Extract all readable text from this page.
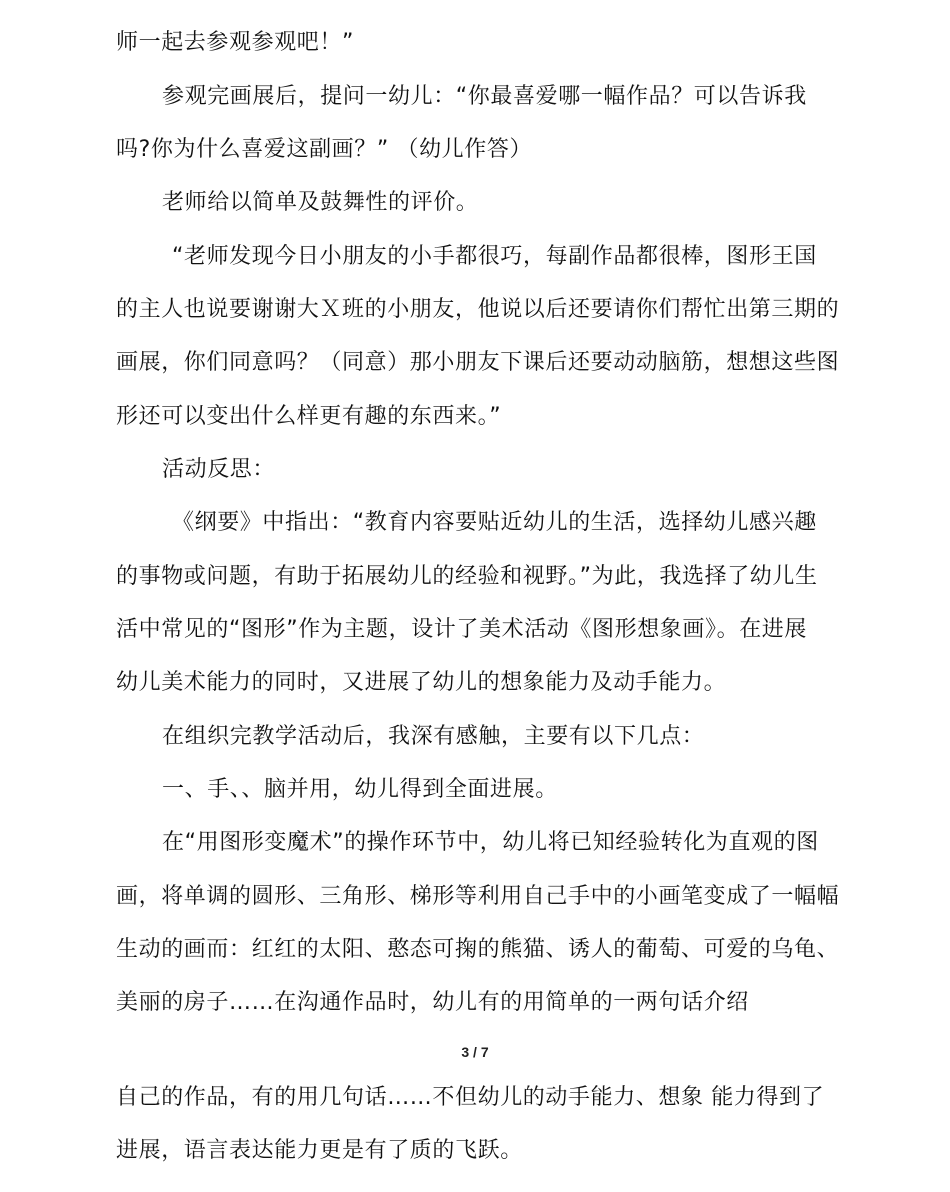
师一起去参观参观吧！”
参观完画展后，提问一幼儿：“你最喜爱哪一幅作品？可以告诉我
吗?你为什么喜爱这副画？” （幼儿作答）
老师给以简单及鼓舞性的评价。
“老师发现今日小朋友的小手都很巧，每副作品都很棒，图形王国
的主人也说要谢谢大Ｘ班的小朋友，他说以后还要请你们帮忙出第三期的
画展，你们同意吗？（同意）那小朋友下课后还要动动脑筋，想想这些图
形还可以变出什么样更有趣的东西来。”
活动反思：
《纲要》中指出：“教育内容要贴近幼儿的生活，选择幼儿感兴趣
的事物或问题，有助于拓展幼儿的经验和视野。”为此，我选择了幼儿生
活中常见的“图形”作为主题，设计了美术活动《图形想象画》。在进展
幼儿美术能力的同时，又进展了幼儿的想象能力及动手能力。
在组织完教学活动后，我深有感触，主要有以下几点：
一、手、、脑并用，幼儿得到全面进展。
在“用图形变魔术”的操作环节中，幼儿将已知经验转化为直观的图
画，将单调的圆形、三角形、梯形等利用自己手中的小画笔变成了一幅幅
生动的画而：红红的太阳、憨态可掬的熊猫、诱人的葡萄、可爱的乌龟、
美丽的房子……在沟通作品时，幼儿有的用简单的一两句话介绍
3 / 7
自己的作品，有的用几句话……不但幼儿的动手能力、想象 能力得到了
进展，语言表达能力更是有了质的飞跃。
